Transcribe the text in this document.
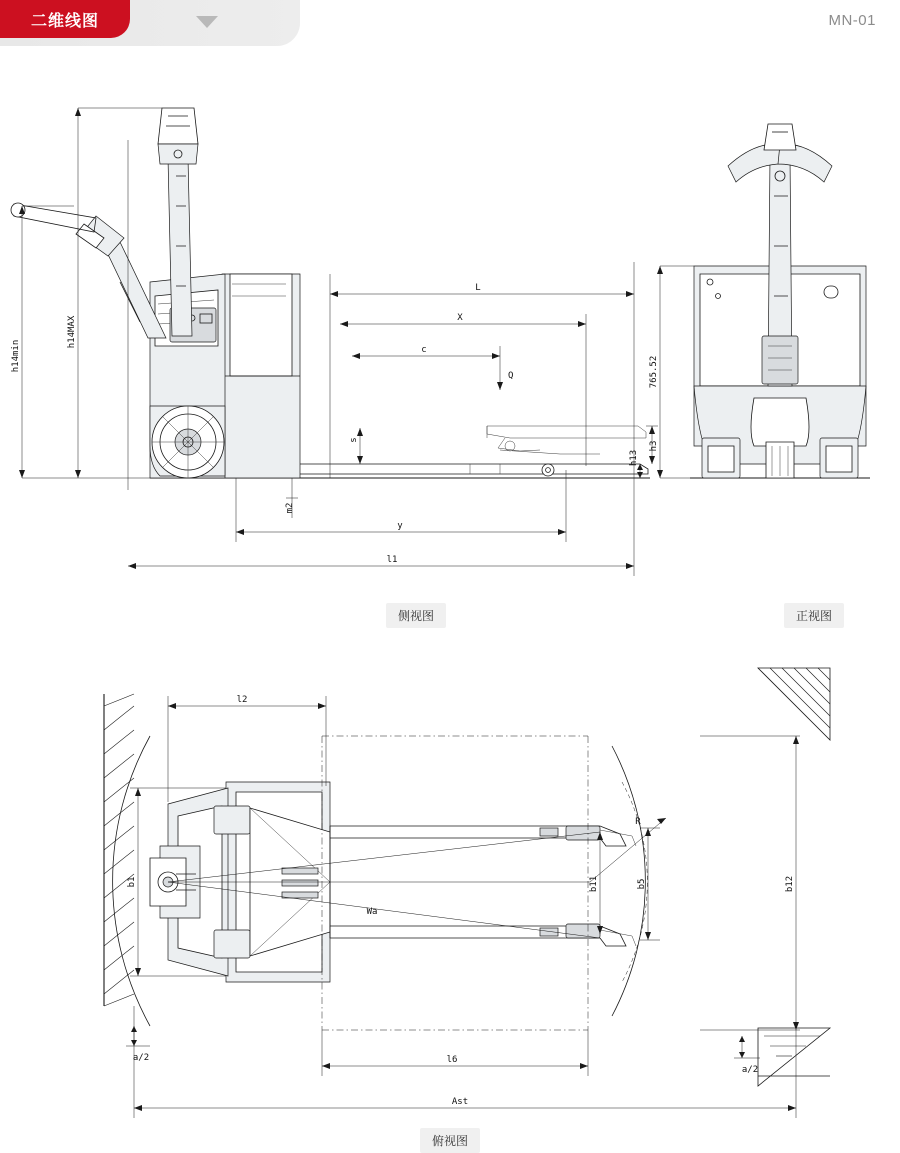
二维线图	MN-01
h14min
h14MAX
L
X
c
Q
s
m2
y
l1
h3
h13
765.52
l2
b1	b11	b5	b12
l6
Ast
Wa
R
a/2
a/2
侧视图	正视图
俯视图
